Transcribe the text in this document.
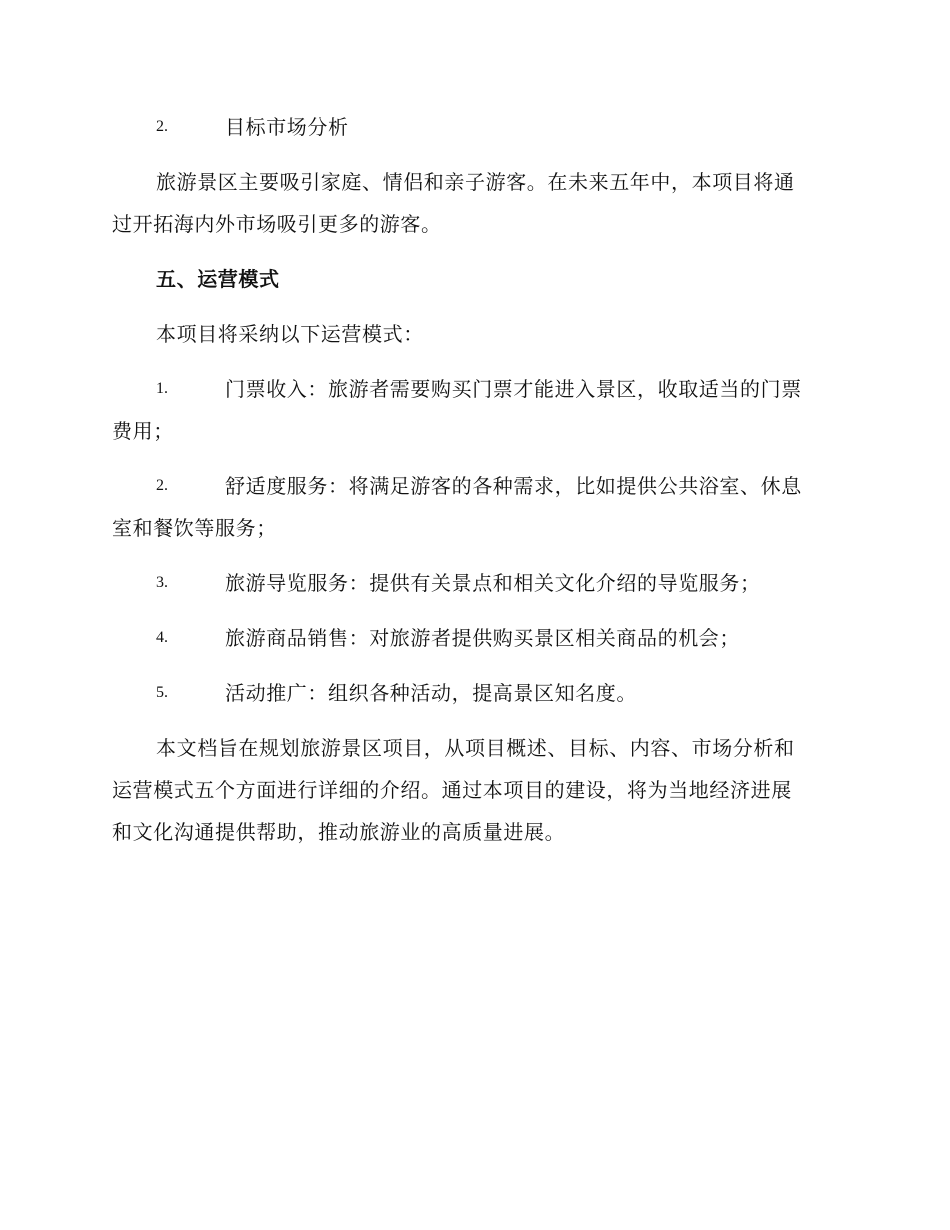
2.	目标市场分析
旅游景区主要吸引家庭、情侣和亲子游客。在未来五年中，本项目将通
过开拓海内外市场吸引更多的游客。
五、运营模式
本项目将采纳以下运营模式：
1.	门票收入：旅游者需要购买门票才能进入景区，收取适当的门票
费用；
2.	舒适度服务：将满足游客的各种需求，比如提供公共浴室、休息
室和餐饮等服务；
3.	旅游导览服务：提供有关景点和相关文化介绍的导览服务；
4.	旅游商品销售：对旅游者提供购买景区相关商品的机会；
5.	活动推广：组织各种活动，提高景区知名度。
本文档旨在规划旅游景区项目，从项目概述、目标、内容、市场分析和
运营模式五个方面进行详细的介绍。通过本项目的建设，将为当地经济进展
和文化沟通提供帮助，推动旅游业的高质量进展。
